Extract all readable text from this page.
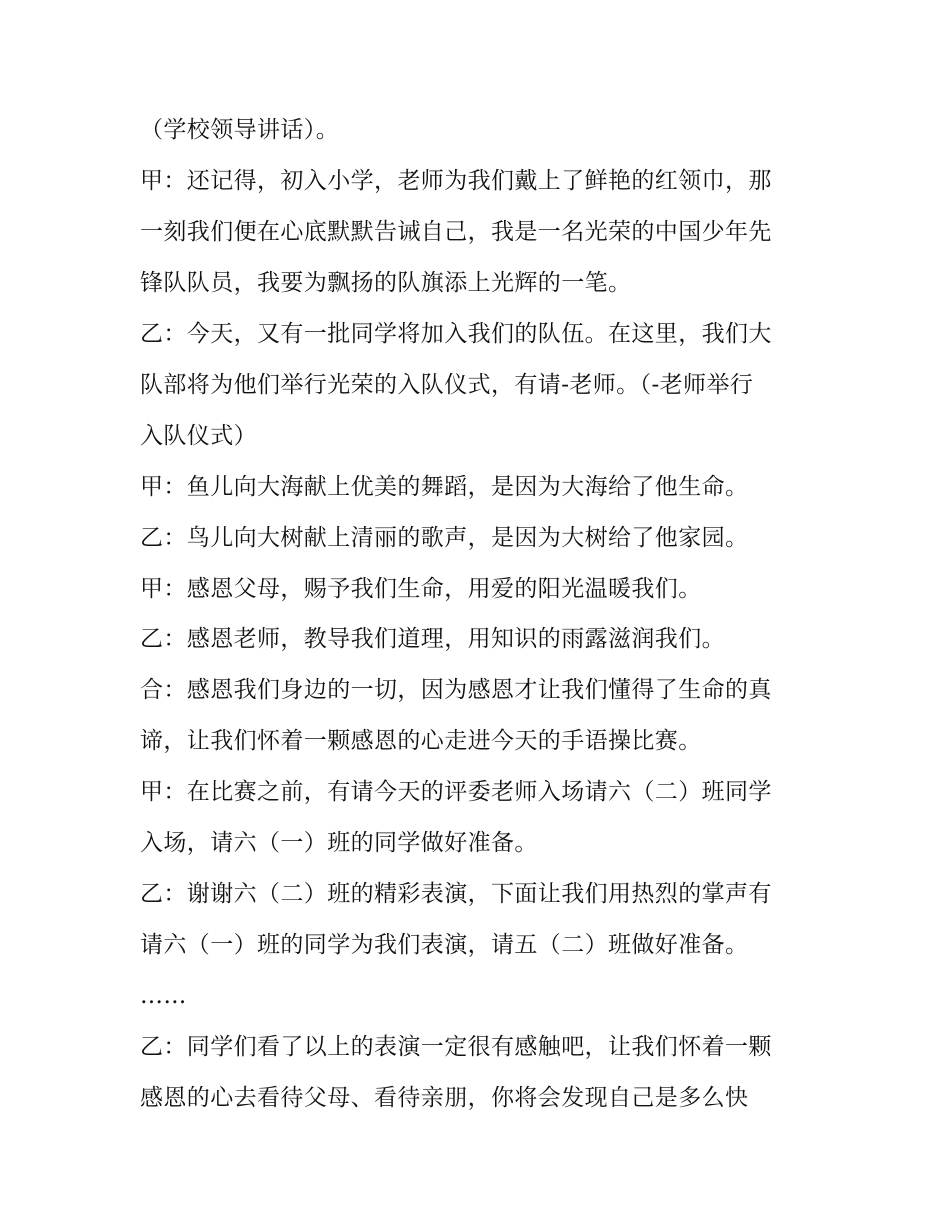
（学校领导讲话）。
甲：还记得，初入小学，老师为我们戴上了鲜艳的红领巾，那
一刻我们便在心底默默告诫自己，我是一名光荣的中国少年先
锋队队员，我要为飘扬的队旗添上光辉的一笔。
乙：今天，又有一批同学将加入我们的队伍。在这里，我们大
队部将为他们举行光荣的入队仪式，有请-老师。（-老师举行
入队仪式）
甲：鱼儿向大海献上优美的舞蹈，是因为大海给了他生命。
乙：鸟儿向大树献上清丽的歌声，是因为大树给了他家园。
甲：感恩父母，赐予我们生命，用爱的阳光温暖我们。
乙：感恩老师，教导我们道理，用知识的雨露滋润我们。
合：感恩我们身边的一切，因为感恩才让我们懂得了生命的真
谛，让我们怀着一颗感恩的心走进今天的手语操比赛。
甲：在比赛之前，有请今天的评委老师入场请六（二）班同学
入场，请六（一）班的同学做好准备。
乙：谢谢六（二）班的精彩表演，下面让我们用热烈的掌声有
请六（一）班的同学为我们表演，请五（二）班做好准备。
……
乙：同学们看了以上的表演一定很有感触吧，让我们怀着一颗
感恩的心去看待父母、看待亲朋，你将会发现自己是多么快
